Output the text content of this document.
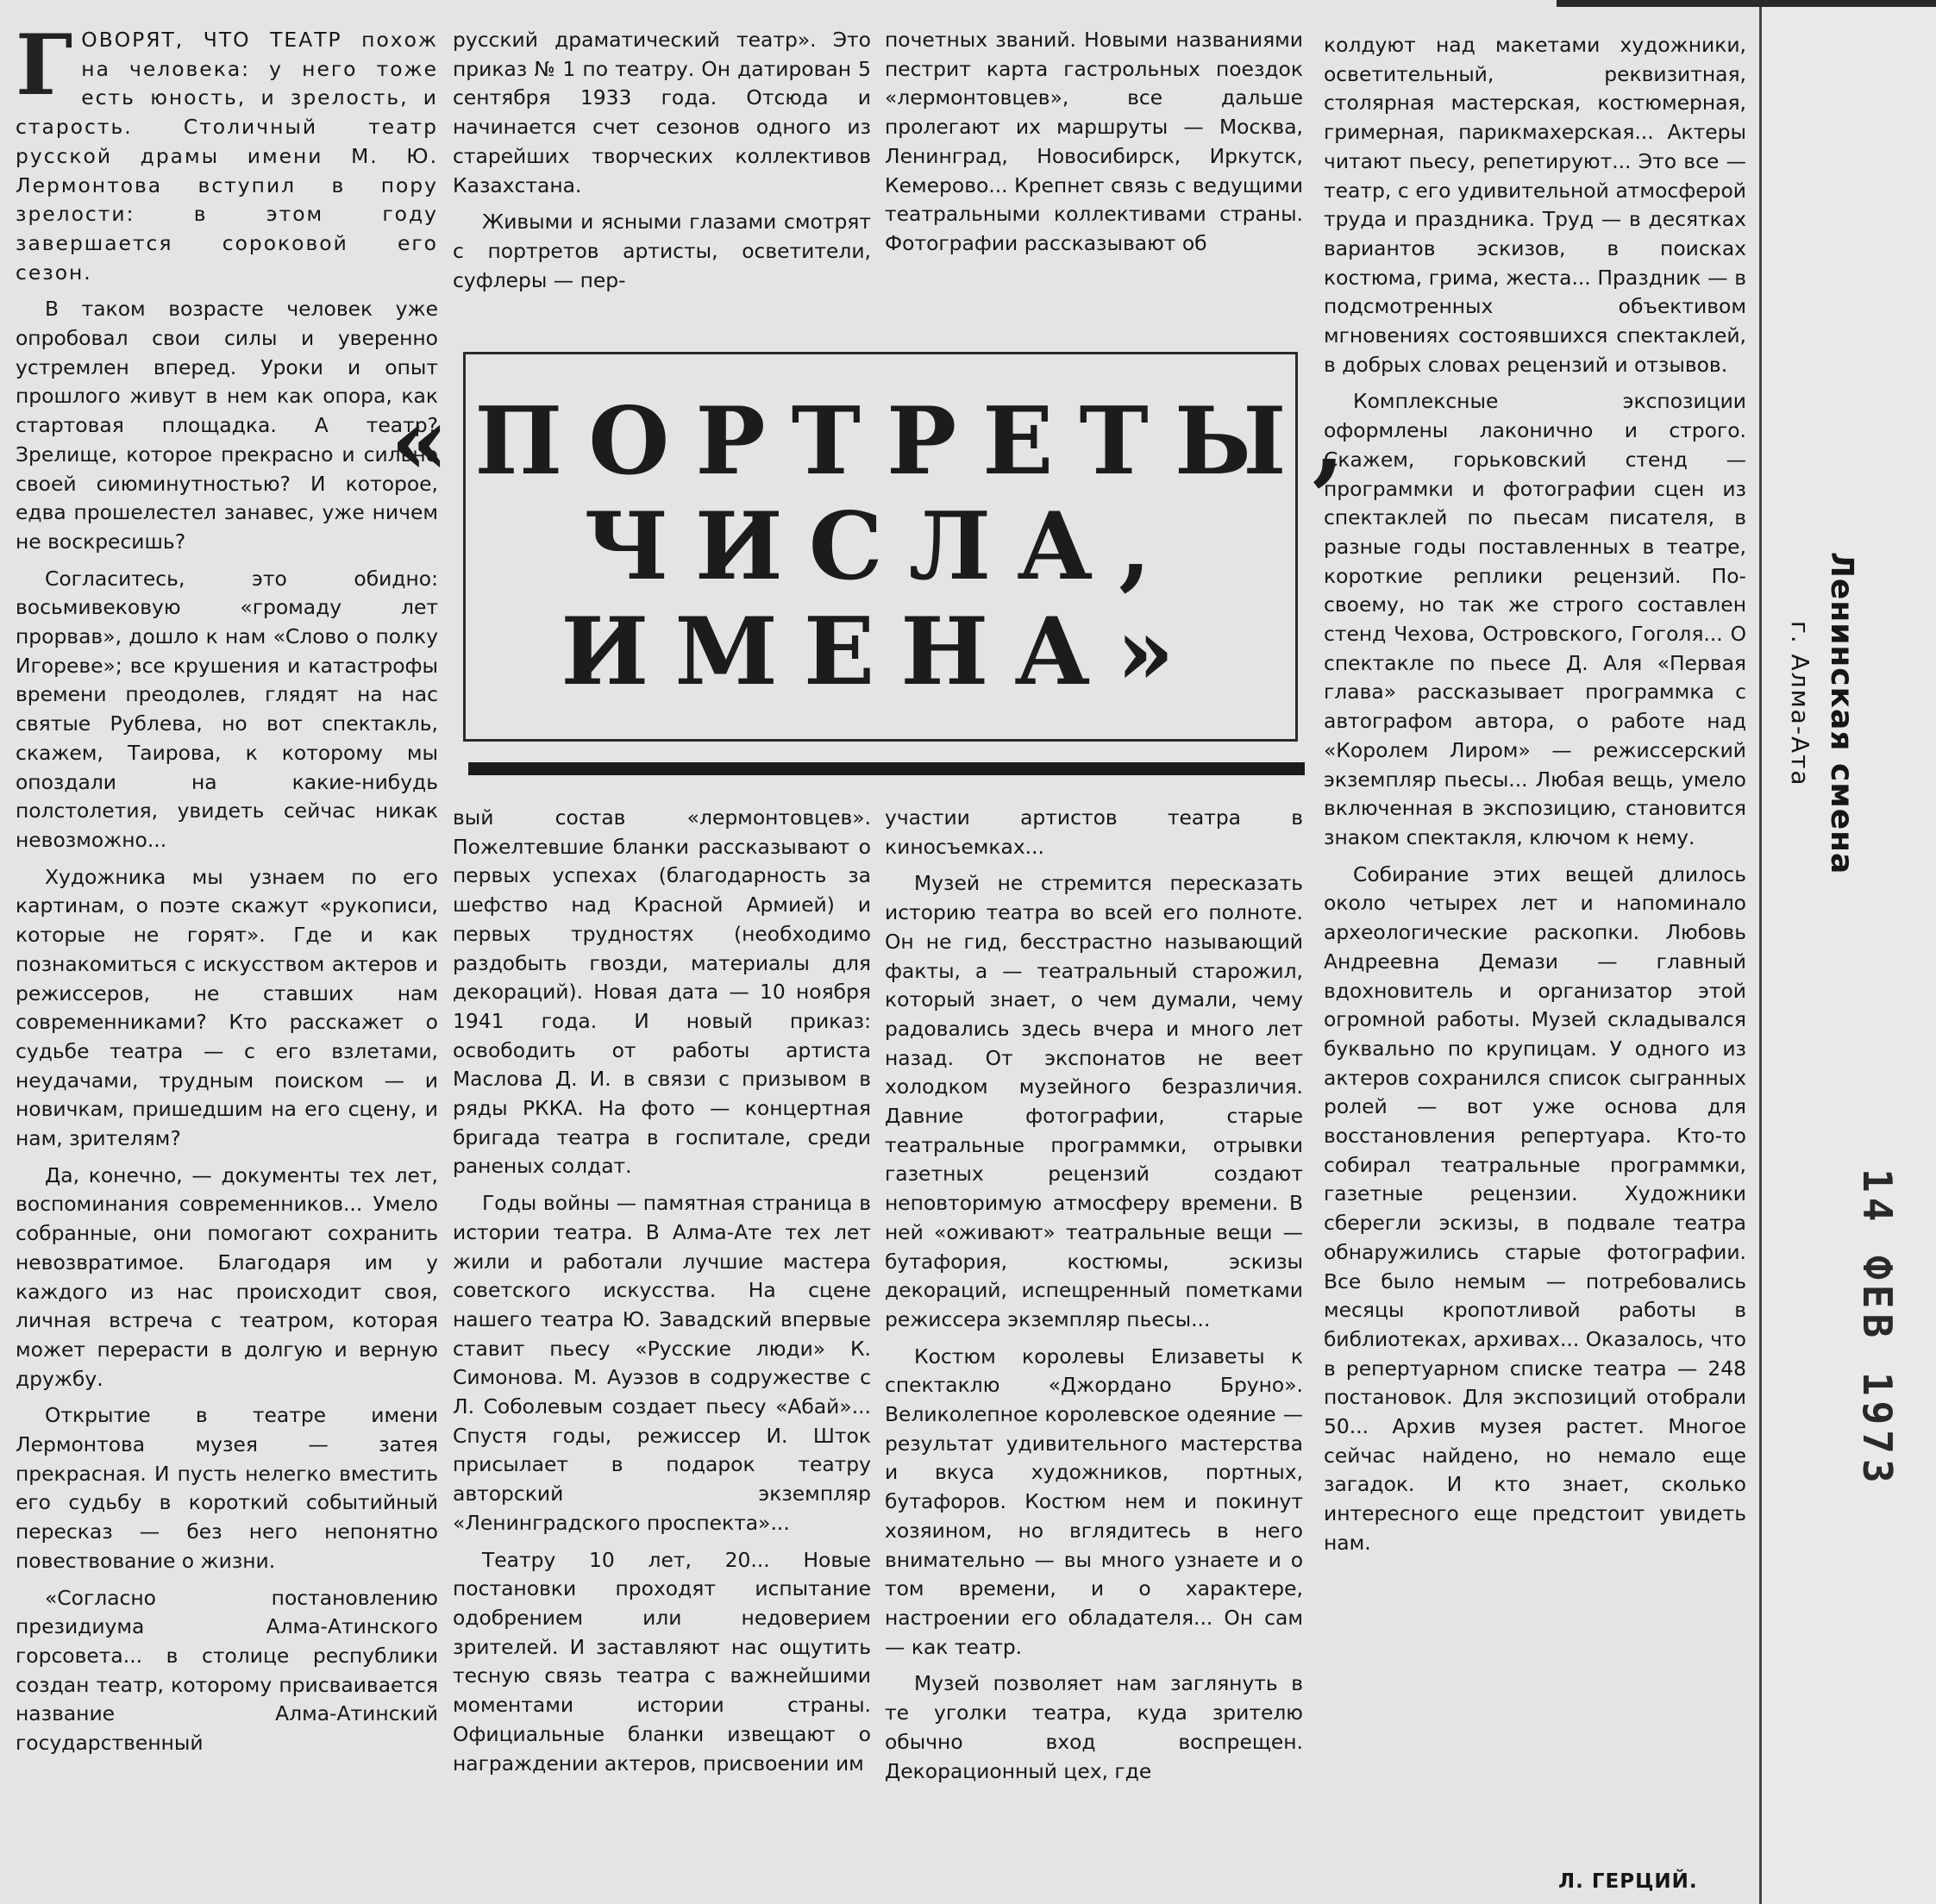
ГОВОРЯТ, ЧТО ТЕАТР похож на человека: у него тоже есть юность, и зрелость, и старость. Столичный театр русской драмы имени М. Ю. Лермонтова вступил в пору зрелости: в этом году завершается сороковой его сезон.

В таком возрасте человек уже опробовал свои силы и уверенно устремлен вперед. Уроки и опыт прошлого живут в нем как опора, как стартовая площадка. А театр? Зрелище, которое прекрасно и сильно своей сиюминутностью? И которое, едва прошелестел занавес, уже ничем не воскресишь?

Согласитесь, это обидно: восьмивековую «громаду лет прорвав», дошло к нам «Слово о полку Игореве»; все крушения и катастрофы времени преодолев, глядят на нас святые Рублева, но вот спектакль, скажем, Таирова, к которому мы опоздали на какие-нибудь полстолетия, увидеть сейчас никак невозможно...

Художника мы узнаем по его картинам, о поэте скажут «рукописи, которые не горят». Где и как познакомиться с искусством актеров и режиссеров, не ставших нам современниками? Кто расскажет о судьбе театра — с его взлетами, неудачами, трудным поиском — и новичкам, пришедшим на его сцену, и нам, зрителям?

Да, конечно, — документы тех лет, воспоминания современников... Умело собранные, они помогают сохранить невозвратимое. Благодаря им у каждого из нас происходит своя, личная встреча с театром, которая может перерасти в долгую и верную дружбу.

Открытие в театре имени Лермонтова музея — затея прекрасная. И пусть нелегко вместить его судьбу в короткий событийный пересказ — без него непонятно повествование о жизни.

«Согласно постановлению президиума Алма-Атинского горсовета... в столице республики создан театр, которому присваивается название Алма-Атинский государственный

русский драматический театр». Это приказ № 1 по театру. Он датирован 5 сентября 1933 года. Отсюда и начинается счет сезонов одного из старейших творческих коллективов Казахстана.

Живыми и ясными глазами смотрят с портретов артисты, осветители, суфлеры — пер-

почетных званий. Новыми названиями пестрит карта гастрольных поездок «лермонтовцев», все дальше пролегают их маршруты — Москва, Ленинград, Новосибирск, Иркутск, Кемерово... Крепнет связь с ведущими театральными коллективами страны. Фотографии рассказывают об

колдуют над макетами художники, осветительный, реквизитная, столярная мастерская, костюмерная, гримерная, парикмахерская... Актеры читают пьесу, репетируют... Это все — театр, с его удивительной атмосферой труда и праздника. Труд — в десятках вариантов эскизов, в поисках костюма, грима, жеста... Праздник — в подсмотренных объективом мгновениях состоявшихся спектаклей, в добрых словах рецензий и отзывов.

Комплексные экспозиции оформлены лаконично и строго. Скажем, горьковский стенд — программки и фотографии сцен из спектаклей по пьесам писателя, в разные годы поставленных в театре, короткие реплики рецензий. По-своему, но так же строго составлен стенд Чехова, Островского, Гоголя... О спектакле по пьесе Д. Аля «Первая глава» рассказывает программка с автографом автора, о работе над «Королем Лиром» — режиссерский экземпляр пьесы... Любая вещь, умело включенная в экспозицию, становится знаком спектакля, ключом к нему.

Собирание этих вещей длилось около четырех лет и напоминало археологические раскопки. Любовь Андреевна Демази — главный вдохновитель и организатор этой огромной работы. Музей складывался буквально по крупицам. У одного из актеров сохранился список сыгранных ролей — вот уже основа для восстановления репертуара. Кто-то собирал театральные программки, газетные рецензии. Художники сберегли эскизы, в подвале театра обнаружились старые фотографии. Все было немым — потребовались месяцы кропотливой работы в библиотеках, архивах... Оказалось, что в репертуарном списке театра — 248 постановок. Для экспозиций отобрали 50... Архив музея растет. Многое сейчас найдено, но немало еще загадок. И кто знает, сколько интересного еще предстоит увидеть нам.

«ПОРТРЕТЫ,
ЧИСЛА,
ИМЕНА»

вый состав «лермонтовцев». Пожелтевшие бланки рассказывают о первых успехах (благодарность за шефство над Красной Армией) и первых трудностях (необходимо раздобыть гвозди, материалы для декораций). Новая дата — 10 ноября 1941 года. И новый приказ: освободить от работы артиста Маслова Д. И. в связи с призывом в ряды РККА. На фото — концертная бригада театра в госпитале, среди раненых солдат.

Годы войны — памятная страница в истории театра. В Алма-Ате тех лет жили и работали лучшие мастера советского искусства. На сцене нашего театра Ю. Завадский впервые ставит пьесу «Русские люди» К. Симонова. М. Ауэзов в содружестве с Л. Соболевым создает пьесу «Абай»... Спустя годы, режиссер И. Шток присылает в подарок театру авторский экземпляр «Ленинградского проспекта»...

Театру 10 лет, 20... Новые постановки проходят испытание одобрением или недоверием зрителей. И заставляют нас ощутить тесную связь театра с важнейшими моментами истории страны. Официальные бланки извещают о награждении актеров, присвоении им

участии артистов театра в киносъемках...

Музей не стремится пересказать историю театра во всей его полноте. Он не гид, бесстрастно называющий факты, а — театральный старожил, который знает, о чем думали, чему радовались здесь вчера и много лет назад. От экспонатов не веет холодком музейного безразличия. Давние фотографии, старые театральные программки, отрывки газетных рецензий создают неповторимую атмосферу времени. В ней «оживают» театральные вещи — бутафория, костюмы, эскизы декораций, испещренный пометками режиссера экземпляр пьесы...

Костюм королевы Елизаветы к спектаклю «Джордано Бруно». Великолепное королевское одеяние — результат удивительного мастерства и вкуса художников, портных, бутафоров. Костюм нем и покинут хозяином, но вглядитесь в него внимательно — вы много узнаете и о том времени, и о характере, настроении его обладателя... Он сам — как театр.

Музей позволяет нам заглянуть в те уголки театра, куда зрителю обычно вход воспрещен. Декорационный цех, где

Л. ГЕРЦИЙ.
Ленинская смена
г. Алма-Ата
14 ФЕВ 1973
